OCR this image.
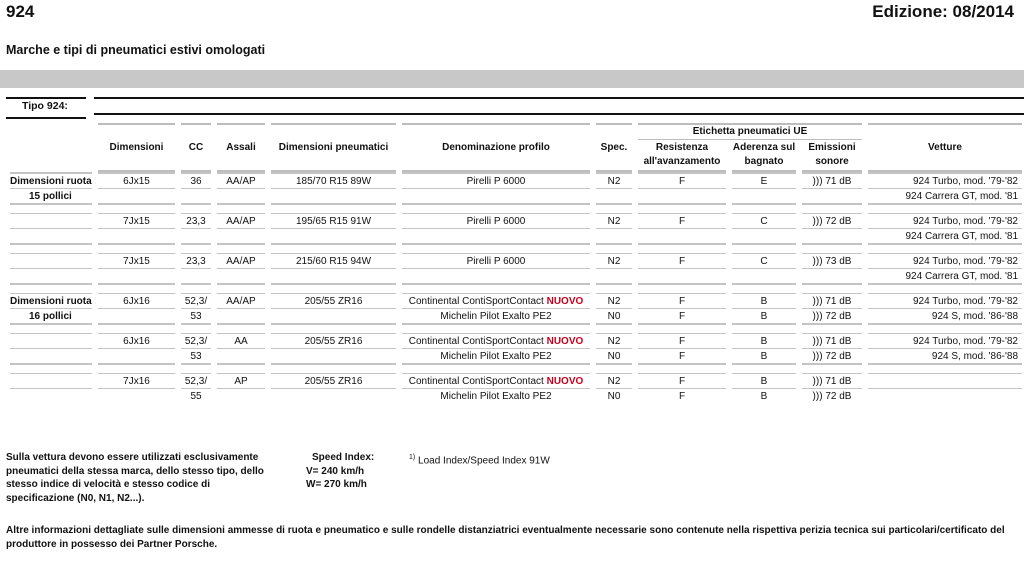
924	Edizione: 08/2014
Marche e tipi di pneumatici estivi omologati
Tipo 924:
	Dimensioni	CC	Assali	Dimensioni pneumatici	Denominazione profilo	Spec.	Etichetta pneumatici UE			Vetture
							Resistenza all'avanzamento	Aderenza sul bagnato	Emissioni sonore	
Dimensioni ruota	6Jx15	36	AA/AP	185/70 R15 89W	Pirelli P 6000	N2	F	E	))) 71 dB	924 Turbo, mod. '79-'82
15 pollici										924 Carrera GT, mod. '81

	7Jx15	23,3	AA/AP	195/65 R15 91W	Pirelli P 6000	N2	F	C	))) 72 dB	924 Turbo, mod. '79-'82
										924 Carrera GT, mod. '81

	7Jx15	23,3	AA/AP	215/60 R15 94W	Pirelli P 6000	N2	F	C	))) 73 dB	924 Turbo, mod. '79-'82
										924 Carrera GT, mod. '81

Dimensioni ruota	6Jx16	52,3/	AA/AP	205/55 ZR16	Continental ContiSportContact NUOVO	N2	F	B	))) 71 dB	924 Turbo, mod. '79-'82
16 pollici		53			Michelin Pilot Exalto PE2	N0	F	B	))) 72 dB	924 S, mod. '86-'88

	6Jx16	52,3/	AA	205/55 ZR16	Continental ContiSportContact NUOVO	N2	F	B	))) 71 dB	924 Turbo, mod. '79-'82
		53			Michelin Pilot Exalto PE2	N0	F	B	))) 72 dB	924 S, mod. '86-'88

	7Jx16	52,3/	AP	205/55 ZR16	Continental ContiSportContact NUOVO	N2	F	B	))) 71 dB	
		55			Michelin Pilot Exalto PE2	N0	F	B	))) 72 dB	
Sulla vettura devono essere utilizzati esclusivamente pneumatici della stessa marca, dello stesso tipo, dello stesso indice di velocità e stesso codice di specificazione (N0, N1, N2...).
Speed Index:
V= 240 km/h
W= 270 km/h
$^{1)}$ Load Index/Speed Index 91W
Altre informazioni dettagliate sulle dimensioni ammesse di ruota e pneumatico e sulle rondelle distanziatrici eventualmente necessarie sono contenute nella rispettiva perizia tecnica sui particolari/certificato del produttore in possesso dei Partner Porsche.
